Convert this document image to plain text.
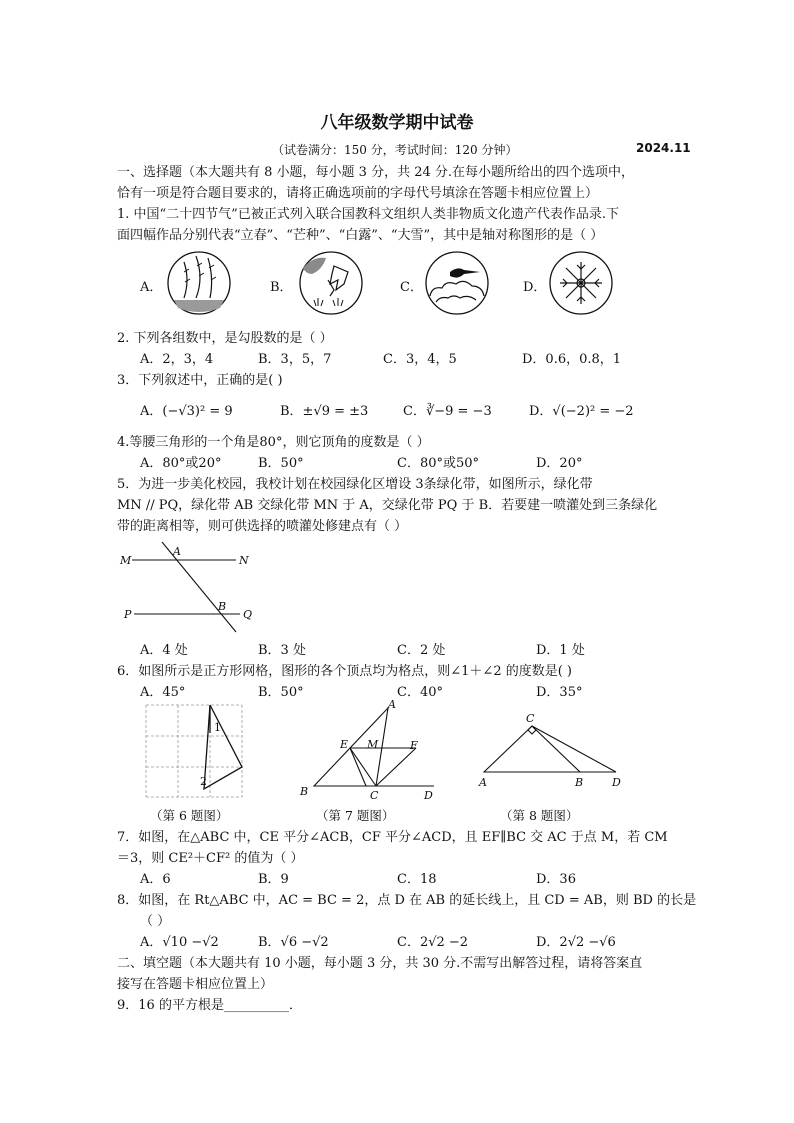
八年级数学期中试卷
（试卷满分：150 分，考试时间：120 分钟）	2024.11
一、选择题（本大题共有 8 小题，每小题 3 分，共 24 分.在每小题所给出的四个选项中，
恰有一项是符合题目要求的，请将正确选项前的字母代号填涂在答题卡相应位置上）
1. 中国“二十四节气”已被正式列入联合国教科文组织人类非物质文化遗产代表作品录.下
面四幅作品分别代表“立春”、“芒种”、“白露”、“大雪”，其中是轴对称图形的是（ ）
A．	B．	C．	D．
2. 下列各组数中，是勾股数的是（ ）
A．2，3，4	B．3，5，7	C．3，4，5	D．0.6，0.8，1
3．下列叙述中，正确的是( )
A．(−√3)² = 9	B．±√9 = ±3	C．∛−9 = −3	D．√(−2)² = −2
4.等腰三角形的一个角是80°，则它顶角的度数是（ ）
A．80°或20°	B．50°	C．80°或50°	D．20°
5．为进一步美化校园，我校计划在校园绿化区增设 3条绿化带，如图所示，绿化带
MN // PQ，绿化带 AB 交绿化带 MN 于 A，交绿化带 PQ 于 B．若要建一喷灌处到三条绿化
带的距离相等，则可供选择的喷灌处修建点有（ ）
M	N
A
P	Q
B
A．4 处	B．3 处	C．2 处	D．1 处
6．如图所示是正方形网格，图形的各个顶点均为格点，则∠1＋∠2 的度数是( )
A．45°	B．50°	C．40°	D．35°
1
2
A
E M	F
B	C	D
C
A	B	D
（第 6 题图）	（第 7 题图）	（第 8 题图）
7．如图，在△ABC 中，CE 平分∠ACB，CF 平分∠ACD，且 EF∥BC 交 AC 于点 M，若 CM
＝3，则 CE²＋CF² 的值为（ ）
A．6	B．9	C．18	D．36
8．如图，在 Rt△ABC 中，AC = BC = 2，点 D 在 AB 的延长线上，且 CD = AB，则 BD 的长是
（ ）
A．√10 −√2	B．√6 −√2	C．2√2 −2	D．2√2 −√6
二、填空题（本大题共有 10 小题，每小题 3 分，共 30 分.不需写出解答过程，请将答案直
接写在答题卡相应位置上）
9．16 的平方根是__________．
